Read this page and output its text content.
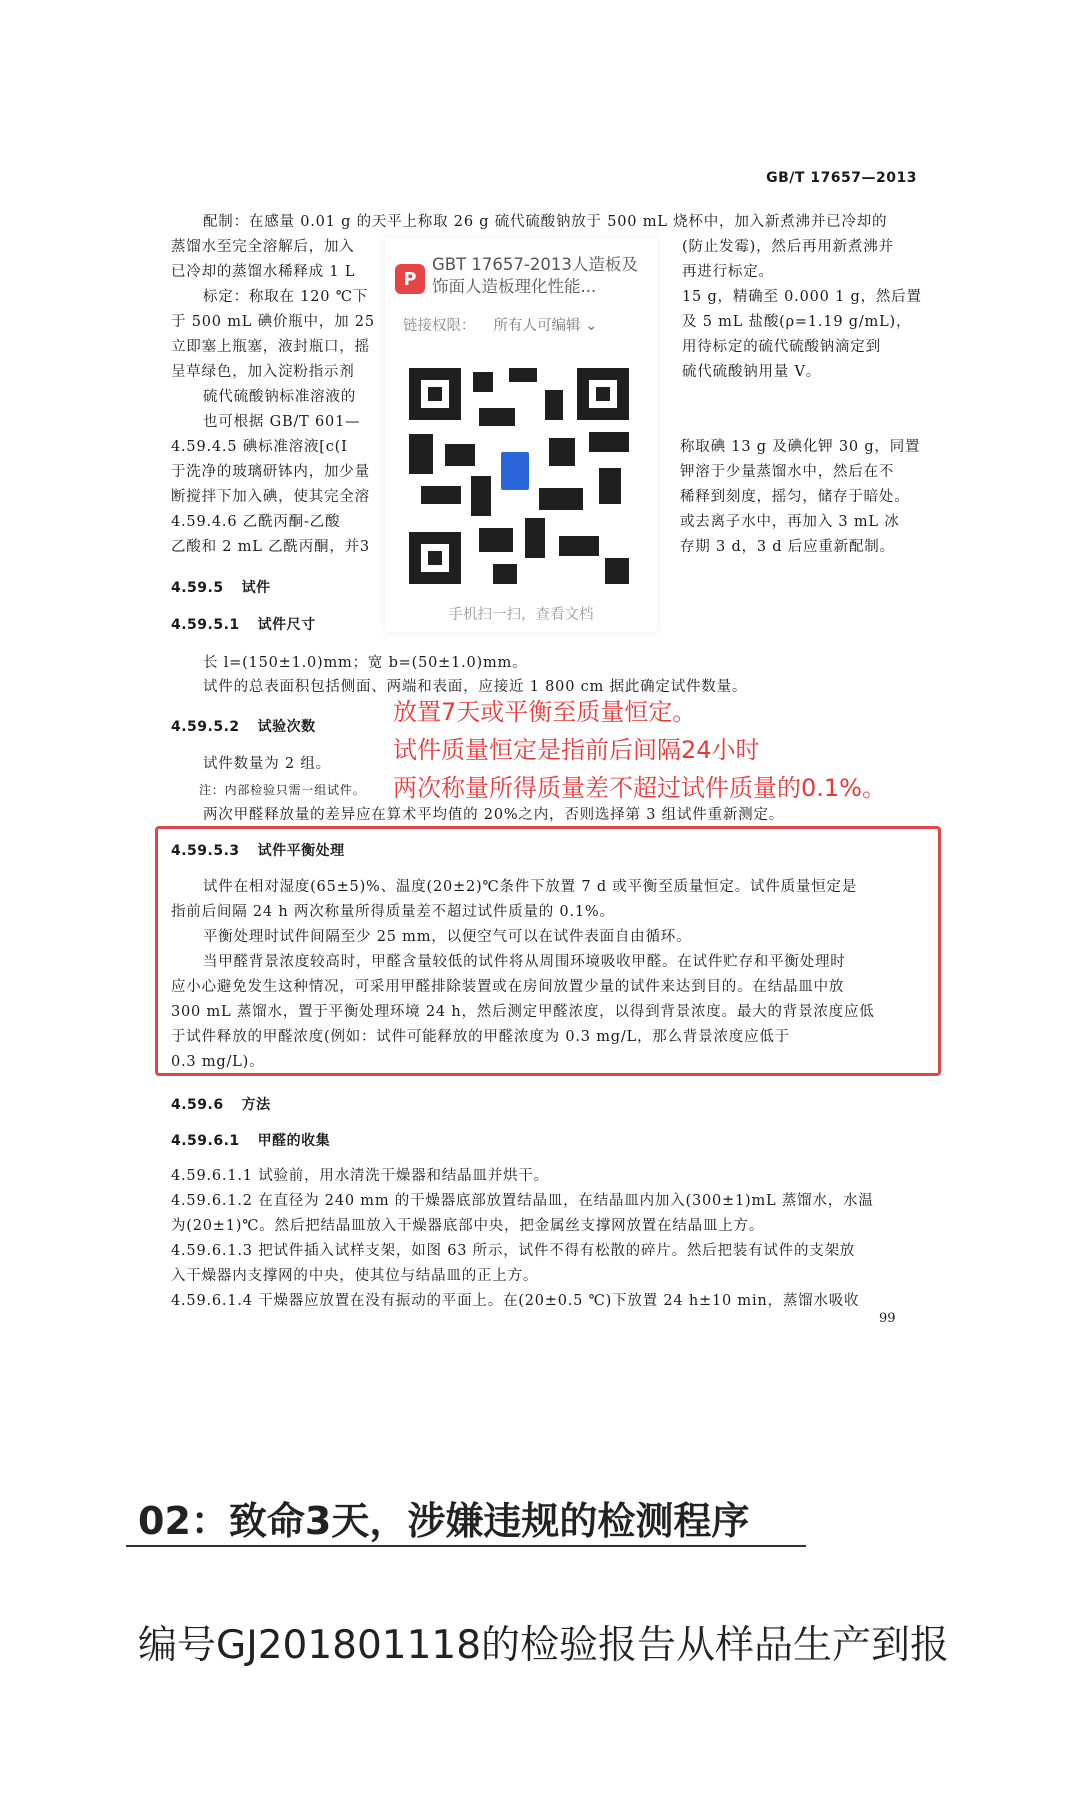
GB/T 17657—2013
配制：在感量 0.01 g 的天平上称取 26 g 硫代硫酸钠放于 500 mL 烧杯中，加入新煮沸并已冷却的
蒸馏水至完全溶解后，加入
已冷却的蒸馏水稀释成 1 L
标定：称取在 120 ℃下
于 500 mL 碘价瓶中，加 25
立即塞上瓶塞，液封瓶口，摇
呈草绿色，加入淀粉指示剂
硫代硫酸钠标准溶液的
也可根据 GB/T 601—
(防止发霉)，然后再用新煮沸并
再进行标定。
15 g，精确至 0.000 1 g，然后置
及 5 mL 盐酸(ρ=1.19 g/mL)，
用待标定的硫代硫酸钠滴定到
硫代硫酸钠用量 V。
4.59.4.5 碘标准溶液[c(I
于洗净的玻璃研钵内，加少量
断搅拌下加入碘，使其完全溶
4.59.4.6 乙酰丙酮-乙酸
乙酸和 2 mL 乙酰丙酮，并3
称取碘 13 g 及碘化钾 30 g，同置
钾溶于少量蒸馏水中，然后在不
稀释到刻度，摇匀，储存于暗处。
或去离子水中，再加入 3 mL 冰
存期 3 d，3 d 后应重新配制。
4.59.5 试件
4.59.5.1 试件尺寸
长 l=(150±1.0)mm；宽 b=(50±1.0)mm。
试件的总表面积包括侧面、两端和表面，应接近 1 800 cm 据此确定试件数量。
4.59.5.2 试验次数
试件数量为 2 组。
注：内部检验只需一组试件。
两次甲醛释放量的差异应在算术平均值的 20%之内，否则选择第 3 组试件重新测定。
放置7天或平衡至质量恒定。
试件质量恒定是指前后间隔24小时
两次称量所得质量差不超过试件质量的0.1%。
4.59.5.3 试件平衡处理
试件在相对湿度(65±5)%、温度(20±2)℃条件下放置 7 d 或平衡至质量恒定。试件质量恒定是
指前后间隔 24 h 两次称量所得质量差不超过试件质量的 0.1%。
平衡处理时试件间隔至少 25 mm，以便空气可以在试件表面自由循环。
当甲醛背景浓度较高时，甲醛含量较低的试件将从周围环境吸收甲醛。在试件贮存和平衡处理时
应小心避免发生这种情况，可采用甲醛排除装置或在房间放置少量的试件来达到目的。在结晶皿中放
300 mL 蒸馏水，置于平衡处理环境 24 h，然后测定甲醛浓度，以得到背景浓度。最大的背景浓度应低
于试件释放的甲醛浓度(例如：试件可能释放的甲醛浓度为 0.3 mg/L，那么背景浓度应低于
0.3 mg/L)。
4.59.6 方法
4.59.6.1 甲醛的收集
4.59.6.1.1 试验前，用水清洗干燥器和结晶皿并烘干。
4.59.6.1.2 在直径为 240 mm 的干燥器底部放置结晶皿，在结晶皿内加入(300±1)mL 蒸馏水，水温
为(20±1)℃。然后把结晶皿放入干燥器底部中央，把金属丝支撑网放置在结晶皿上方。
4.59.6.1.3 把试件插入试样支架，如图 63 所示，试件不得有松散的碎片。然后把装有试件的支架放
入干燥器内支撑网的中央，使其位与结晶皿的正上方。
4.59.6.1.4 干燥器应放置在没有振动的平面上。在(20±0.5 ℃)下放置 24 h±10 min，蒸馏水吸收
99
P
GBT 17657-2013人造板及饰面人造板理化性能...
链接权限： 所有人可编辑 ⌄
手机扫一扫，查看文档
02：致命3天，涉嫌违规的检测程序
编号GJ201801118的检验报告从样品生产到报
